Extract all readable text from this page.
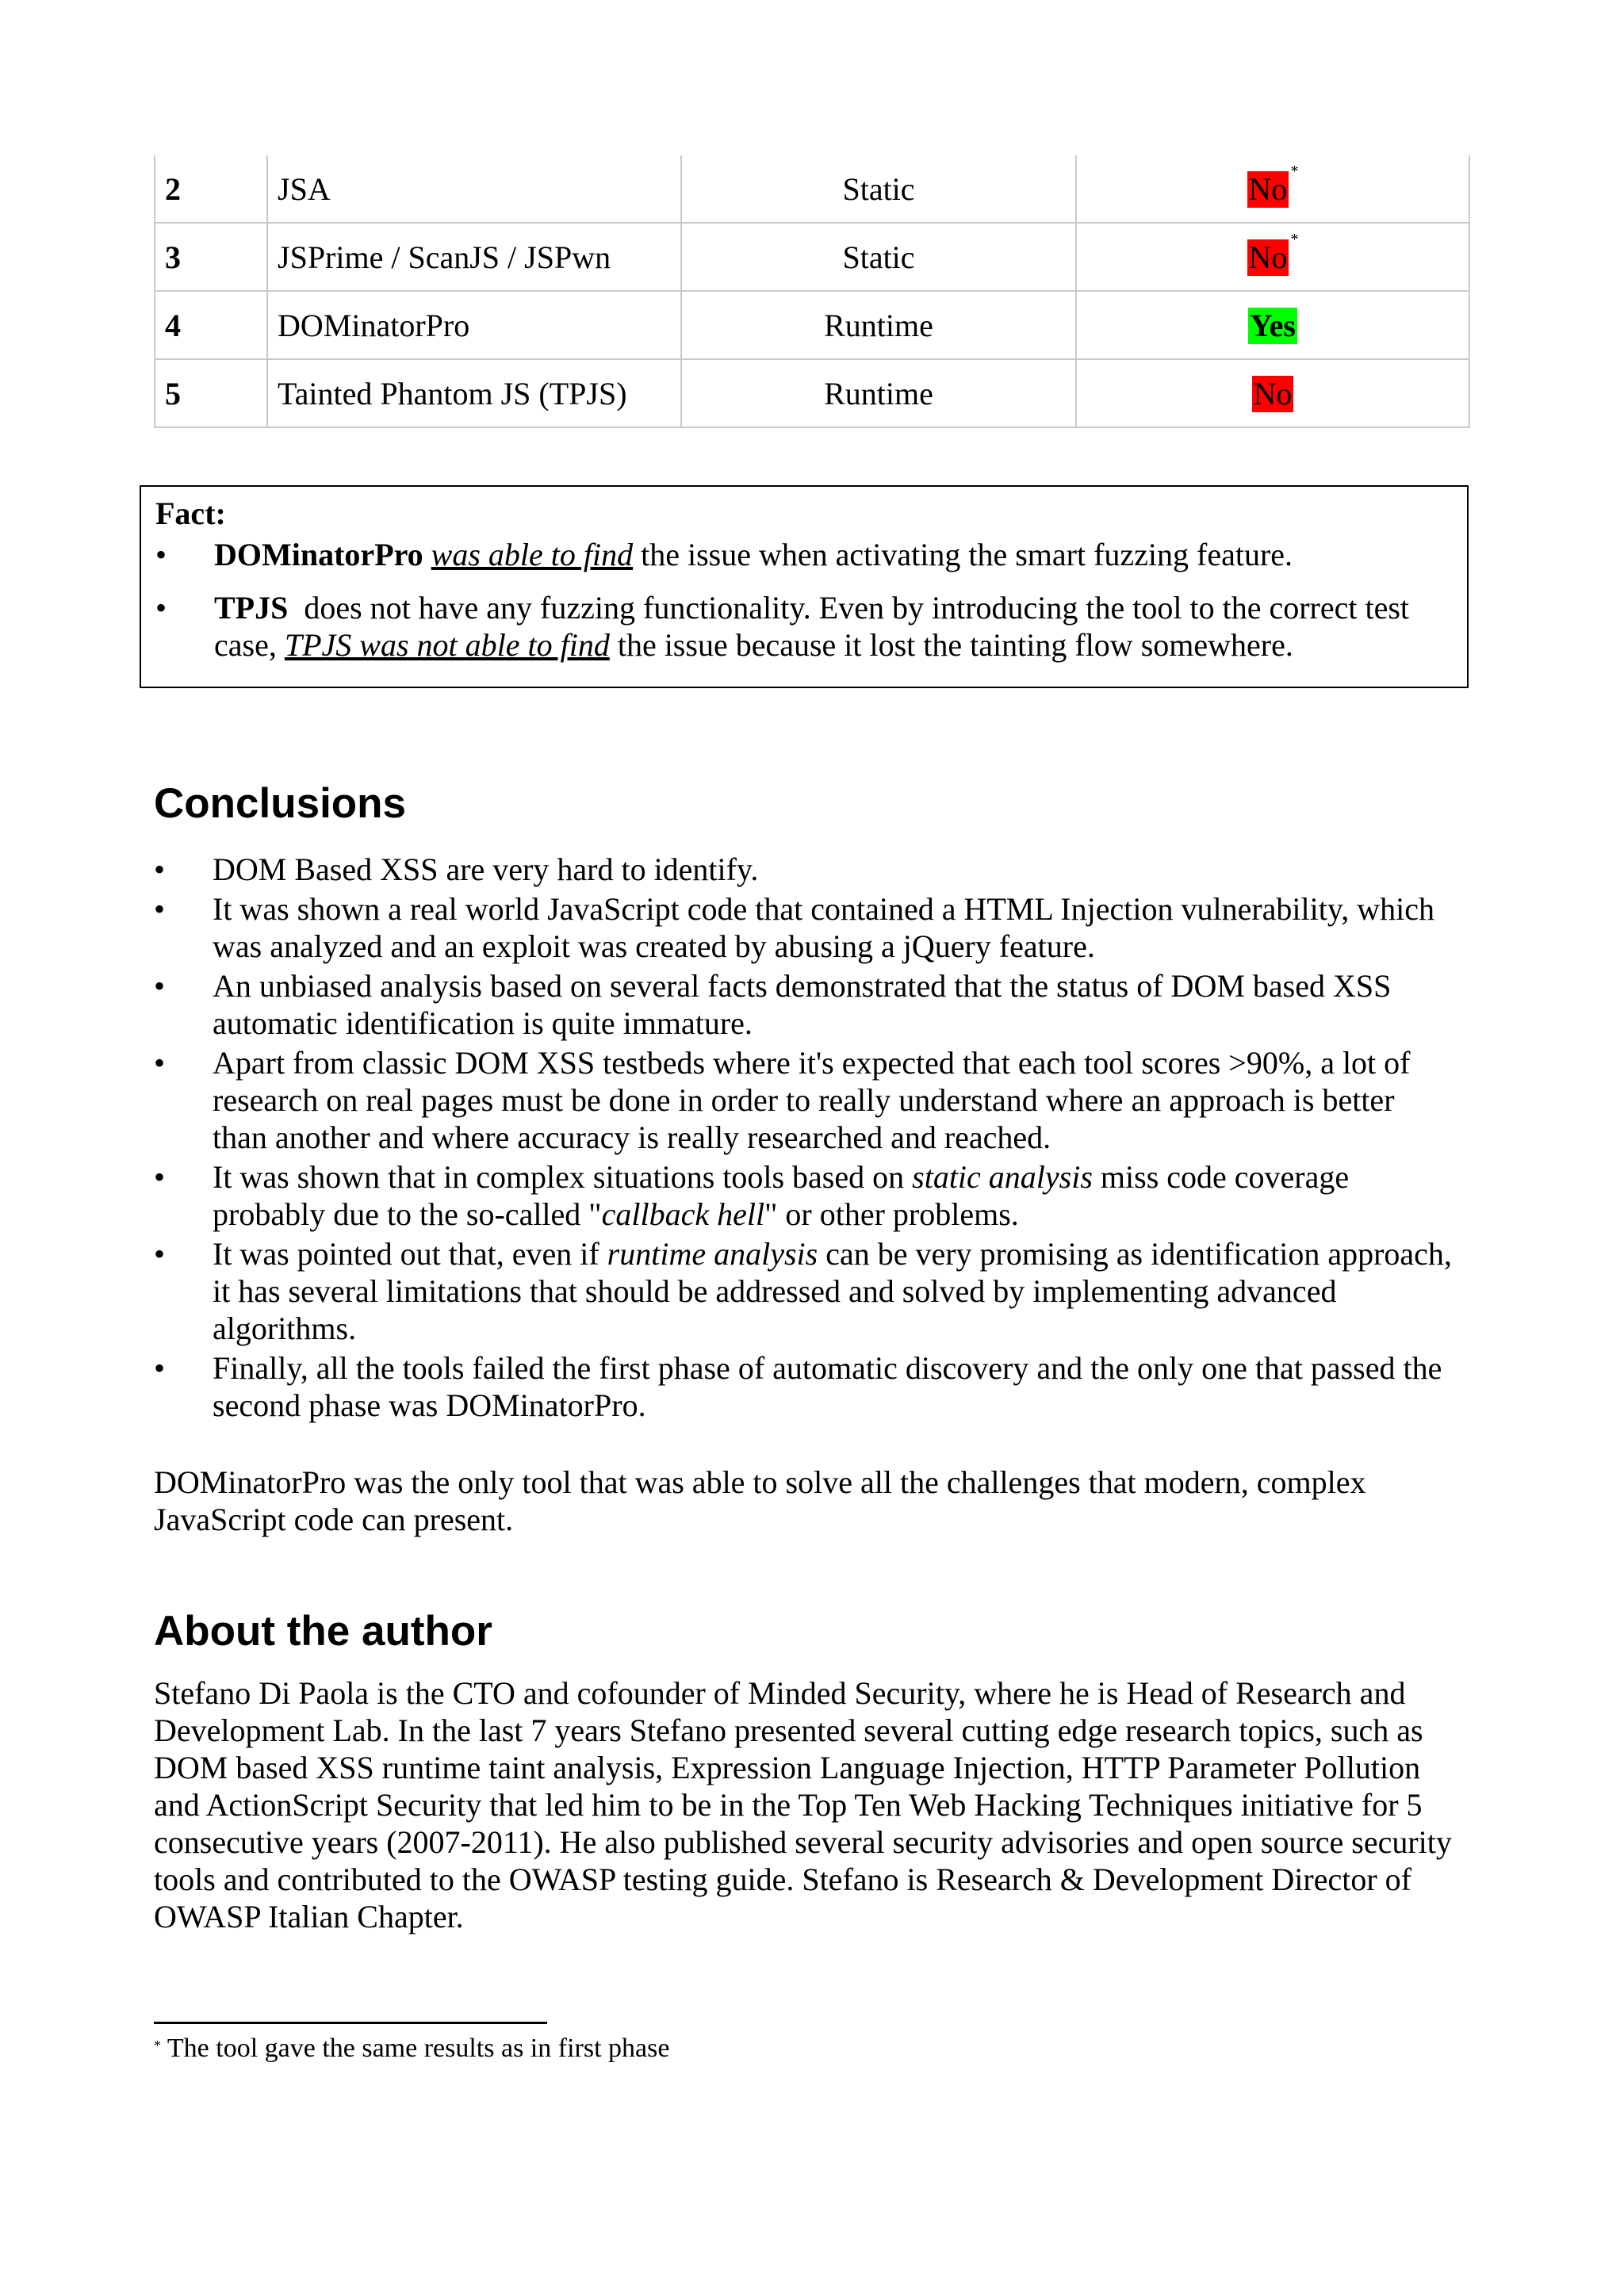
2	JSA	Static	No *
3	JSPrime / ScanJS / JSPwn	Static	No *
4	DOMinatorPro	Runtime	Yes
5	Tainted Phantom JS (TPJS)	Runtime	No
Fact:
• DOMinatorPro was able to find the issue when activating the smart fuzzing feature.
• TPJS  does not have any fuzzing functionality. Even by introducing the tool to the correct test case, TPJS was not able to find the issue because it lost the tainting flow somewhere.
Conclusions
• DOM Based XSS are very hard to identify.
• It was shown a real world JavaScript code that contained a HTML Injection vulnerability, which was analyzed and an exploit was created by abusing a jQuery feature.
• An unbiased analysis based on several facts demonstrated that the status of DOM based XSS automatic identification is quite immature.
• Apart from classic DOM XSS testbeds where it's expected that each tool scores >90%, a lot of research on real pages must be done in order to really understand where an approach is better than another and where accuracy is really researched and reached.
• It was shown that in complex situations tools based on static analysis miss code coverage probably due to the so-called "callback hell" or other problems.
• It was pointed out that, even if runtime analysis can be very promising as identification approach, it has several limitations that should be addressed and solved by implementing advanced algorithms.
• Finally, all the tools failed the first phase of automatic discovery and the only one that passed the second phase was DOMinatorPro.

DOMinatorPro was the only tool that was able to solve all the challenges that modern, complex JavaScript code can present.

About the author

Stefano Di Paola is the CTO and cofounder of Minded Security, where he is Head of Research and Development Lab. In the last 7 years Stefano presented several cutting edge research topics, such as DOM based XSS runtime taint analysis, Expression Language Injection, HTTP Parameter Pollution and ActionScript Security that led him to be in the Top Ten Web Hacking Techniques initiative for 5 consecutive years (2007-2011). He also published several security advisories and open source security tools and contributed to the OWASP testing guide. Stefano is Research & Development Director of OWASP Italian Chapter.

* The tool gave the same results as in first phase
